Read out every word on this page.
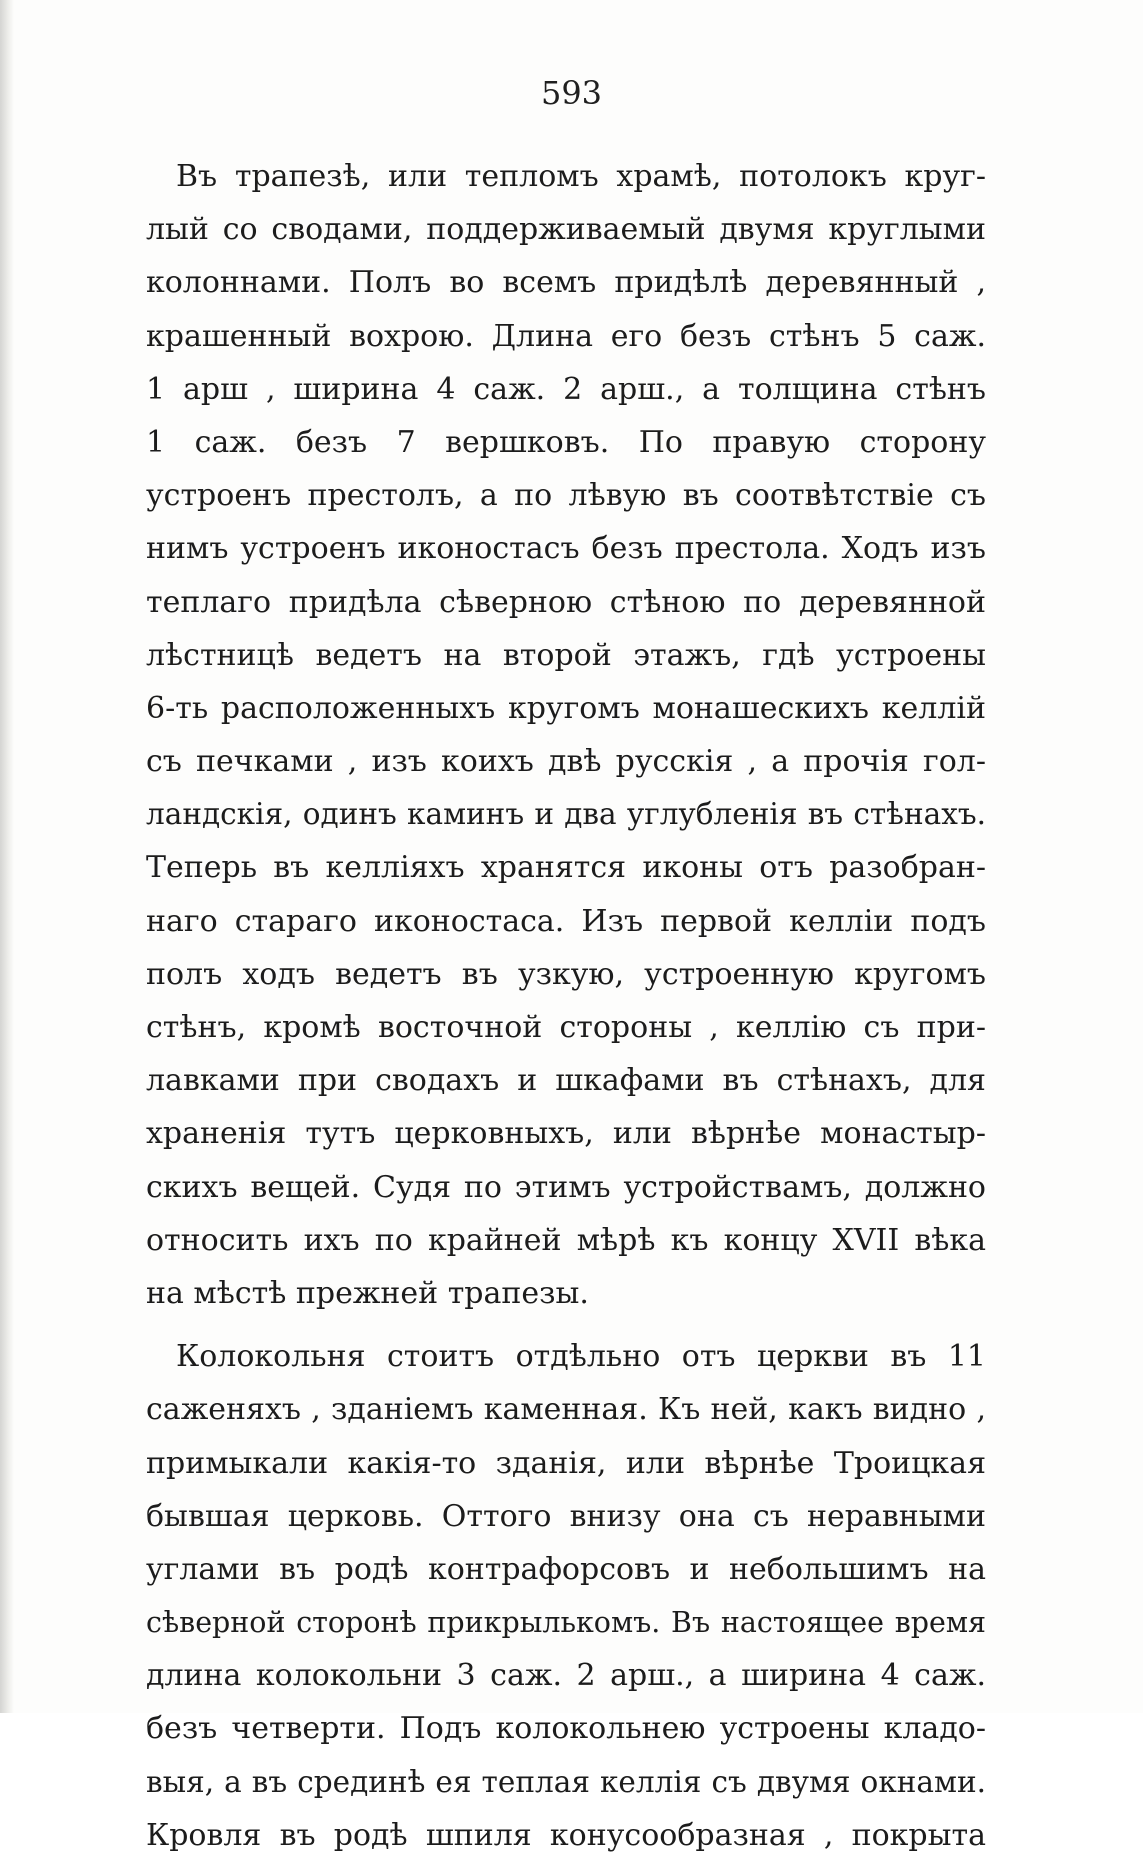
593

Въ трапезѣ, или тепломъ храмѣ, потолокъ круг-
лый со сводами, поддерживаемый двумя круглыми
колоннами. Полъ во всемъ придѣлѣ деревянный ,
крашенный вохрою. Длина его безъ стѣнъ 5 саж.
1 арш , ширина 4 саж. 2 арш., а толщина стѣнъ
1 саж. безъ 7 вершковъ. По правую сторону
устроенъ престолъ, а по лѣвую въ соотвѣтствіе съ
нимъ устроенъ иконостасъ безъ престола. Ходъ изъ
теплаго придѣла сѣверною стѣною по деревянной
лѣстницѣ ведетъ на второй этажъ, гдѣ устроены
6-ть расположенныхъ кругомъ монашескихъ келлій
съ печками , изъ коихъ двѣ русскія , а прочія гол-
ландскія, одинъ каминъ и два углубленія въ стѣнахъ.
Теперь въ келліяхъ хранятся иконы отъ разобран-
наго стараго иконостаса. Изъ первой келліи подъ
полъ ходъ ведетъ въ узкую, устроенную кругомъ
стѣнъ, кромѣ восточной стороны , келлію съ при-
лавками при сводахъ и шкафами въ стѣнахъ, для
храненія тутъ церковныхъ, или вѣрнѣе монастыр-
скихъ вещей. Судя по этимъ устройствамъ, должно
относить ихъ по крайней мѣрѣ къ концу XVII вѣка
на мѣстѣ прежней трапезы.

Колокольня стоитъ отдѣльно отъ церкви въ 11
саженяхъ , зданіемъ каменная. Къ ней, какъ видно ,
примыкали какія-то зданія, или вѣрнѣе Троицкая
бывшая церковь. Оттого внизу она съ неравными
углами въ родѣ контрафорсовъ и небольшимъ на
сѣверной сторонѣ прикрылькомъ. Въ настоящее время
длина колокольни 3 саж. 2 арш., а ширина 4 саж.
безъ четверти. Подъ колокольнею устроены кладо-
выя, а въ срединѣ ея теплая келлія съ двумя окнами.
Кровля въ родѣ шпиля конусообразная , покрыта
